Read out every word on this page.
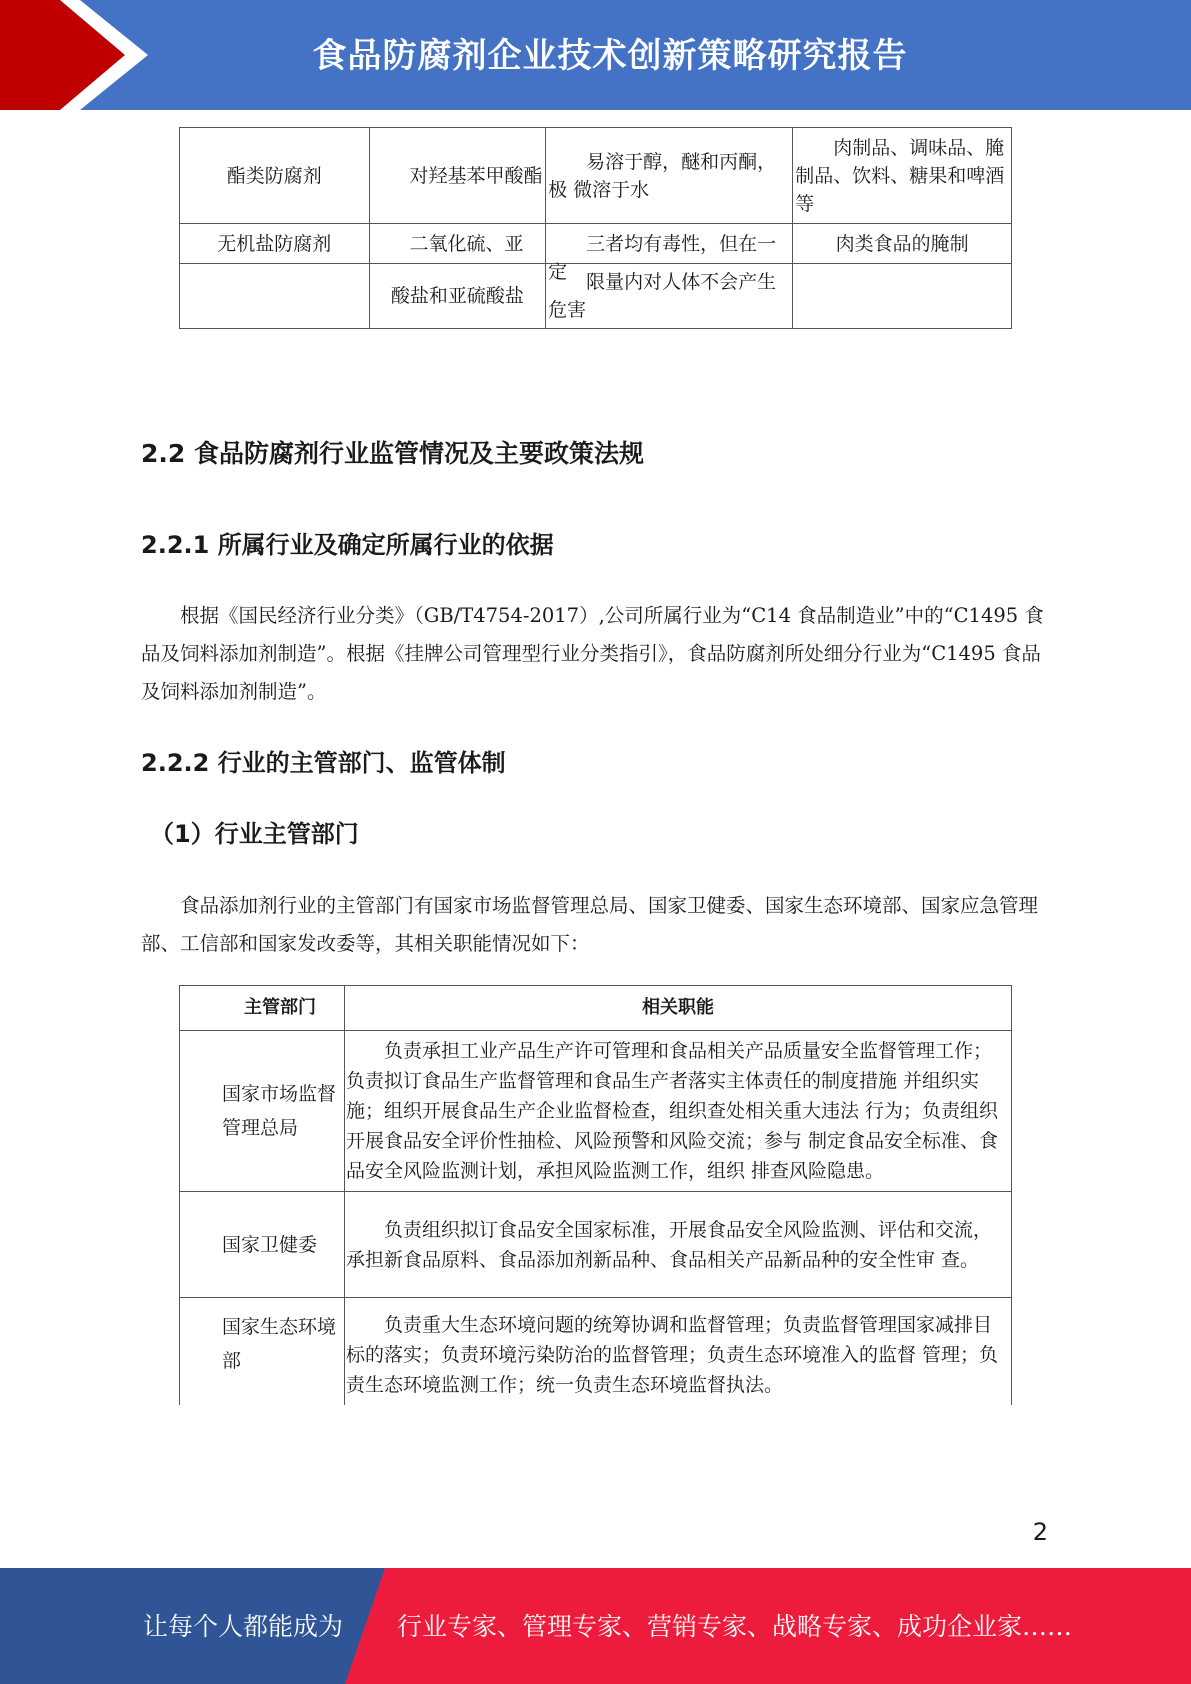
食品防腐剂企业技术创新策略研究报告
酯类防腐剂	对羟基苯甲酸酯	易溶于醇，醚和丙酮，极 微溶于水	肉制品、调味品、腌 制品、饮料、糖果和啤酒等
无机盐防腐剂	二氧化硫、亚	三者均有毒性，但在一定	肉类食品的腌制
	酸盐和亚硫酸盐	限量内对人体不会产生危害	
2.2 食品防腐剂行业监管情况及主要政策法规
2.2.1 所属行业及确定所属行业的依据

根据《国民经济行业分类》（GB/T4754-2017）,公司所属行业为“C14 食品制造业”中的“C1495 食品及饲料添加剂制造”。根据《挂牌公司管理型行业分类指引》，食品防腐剂所处细分行业为“C1495 食品及饲料添加剂制造”。

2.2.2 行业的主管部门、监管体制
（1）行业主管部门

食品添加剂行业的主管部门有国家市场监督管理总局、国家卫健委、国家生态环境部、国家应急管理部、工信部和国家发改委等，其相关职能情况如下：

主管部门	相关职能
国家市场监督管理总局	负责承担工业产品生产许可管理和食品相关产品质量安全监督管理工作；负责拟订食品生产监督管理和食品生产者落实主体责任的制度措施 并组织实施；组织开展食品生产企业监督检查，组织查处相关重大违法 行为；负责组织开展食品安全评价性抽检、风险预警和风险交流；参与 制定食品安全标准、食品安全风险监测计划，承担风险监测工作，组织 排查风险隐患。
国家卫健委	负责组织拟订食品安全国家标准，开展食品安全风险监测、评估和交流，承担新食品原料、食品添加剂新品种、食品相关产品新品种的安全性审 查。
国家生态环境部	负责重大生态环境问题的统筹协调和监督管理；负责监督管理国家减排目标的落实；负责环境污染防治的监督管理；负责生态环境准入的监督 管理；负责生态环境监测工作；统一负责生态环境监督执法。
2
让每个人都能成为 行业专家、管理专家、营销专家、战略专家、成功企业家……
